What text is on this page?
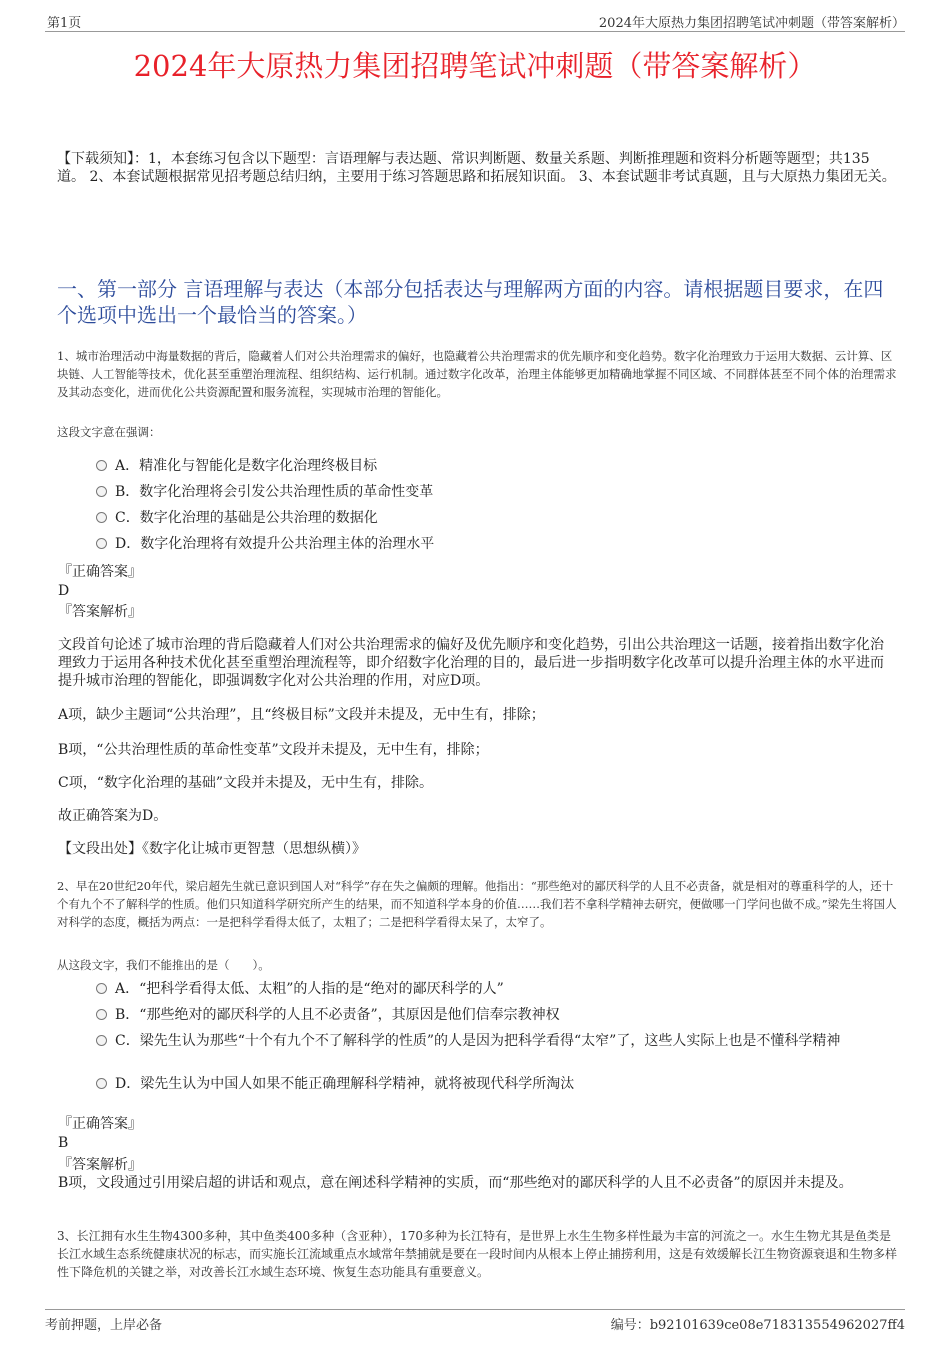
第1页	2024年大原热力集团招聘笔试冲刺题（带答案解析）
2024年大原热力集团招聘笔试冲刺题（带答案解析）
【下载须知】：1，本套练习包含以下题型：言语理解与表达题、常识判断题、数量关系题、判断推理题和资料分析题等题型；共135道。 2、本套试题根据常见招考题总结归纳，主要用于练习答题思路和拓展知识面。 3、本套试题非考试真题，且与大原热力集团无关。
一、第一部分 言语理解与表达（本部分包括表达与理解两方面的内容。请根据题目要求，在四个选项中选出一个最恰当的答案。）
1、城市治理活动中海量数据的背后，隐藏着人们对公共治理需求的偏好，也隐藏着公共治理需求的优先顺序和变化趋势。数字化治理致力于运用大数据、云计算、区块链、人工智能等技术，优化甚至重塑治理流程、组织结构、运行机制。通过数字化改革，治理主体能够更加精确地掌握不同区域、不同群体甚至不同个体的治理需求及其动态变化，进而优化公共资源配置和服务流程，实现城市治理的智能化。
这段文字意在强调：
A．精准化与智能化是数字化治理终极目标
B．数字化治理将会引发公共治理性质的革命性变革
C．数字化治理的基础是公共治理的数据化
D．数字化治理将有效提升公共治理主体的治理水平
『正确答案』
D
『答案解析』
文段首句论述了城市治理的背后隐藏着人们对公共治理需求的偏好及优先顺序和变化趋势，引出公共治理这一话题，接着指出数字化治理致力于运用各种技术优化甚至重塑治理流程等，即介绍数字化治理的目的，最后进一步指明数字化改革可以提升治理主体的水平进而提升城市治理的智能化，即强调数字化对公共治理的作用，对应D项。
A项，缺少主题词“公共治理”，且“终极目标”文段并未提及，无中生有，排除；
B项，“公共治理性质的革命性变革”文段并未提及，无中生有，排除；
C项，“数字化治理的基础”文段并未提及，无中生有，排除。
故正确答案为D。
【文段出处】《数字化让城市更智慧（思想纵横）》
2、早在20世纪20年代，梁启超先生就已意识到国人对“科学”存在失之偏颇的理解。他指出：“那些绝对的鄙厌科学的人且不必责备，就是相对的尊重科学的人，还十个有九个不了解科学的性质。他们只知道科学研究所产生的结果，而不知道科学本身的价值……我们若不拿科学精神去研究，便做哪一门学问也做不成。”梁先生将国人对科学的态度，概括为两点：一是把科学看得太低了，太粗了；二是把科学看得太呆了，太窄了。
从这段文字，我们不能推出的是（　　）。
A．“把科学看得太低、太粗”的人指的是“绝对的鄙厌科学的人”
B．“那些绝对的鄙厌科学的人且不必责备”，其原因是他们信奉宗教神权
C．梁先生认为那些“十个有九个不了解科学的性质”的人是因为把科学看得“太窄”了，这些人实际上也是不懂科学精神
D．梁先生认为中国人如果不能正确理解科学精神，就将被现代科学所淘汰
『正确答案』
B
『答案解析』
B项，文段通过引用梁启超的讲话和观点，意在阐述科学精神的实质，而“那些绝对的鄙厌科学的人且不必责备”的原因并未提及。
3、长江拥有水生生物4300多种，其中鱼类400多种（含亚种），170多种为长江特有，是世界上水生生物多样性最为丰富的河流之一。水生生物尤其是鱼类是长江水域生态系统健康状况的标志，而实施长江流域重点水域常年禁捕就是要在一段时间内从根本上停止捕捞利用，这是有效缓解长江生物资源衰退和生物多样性下降危机的关键之举，对改善长江水域生态环境、恢复生态功能具有重要意义。
考前押题，上岸必备	编号：b92101639ce08e718313554962027ff4
